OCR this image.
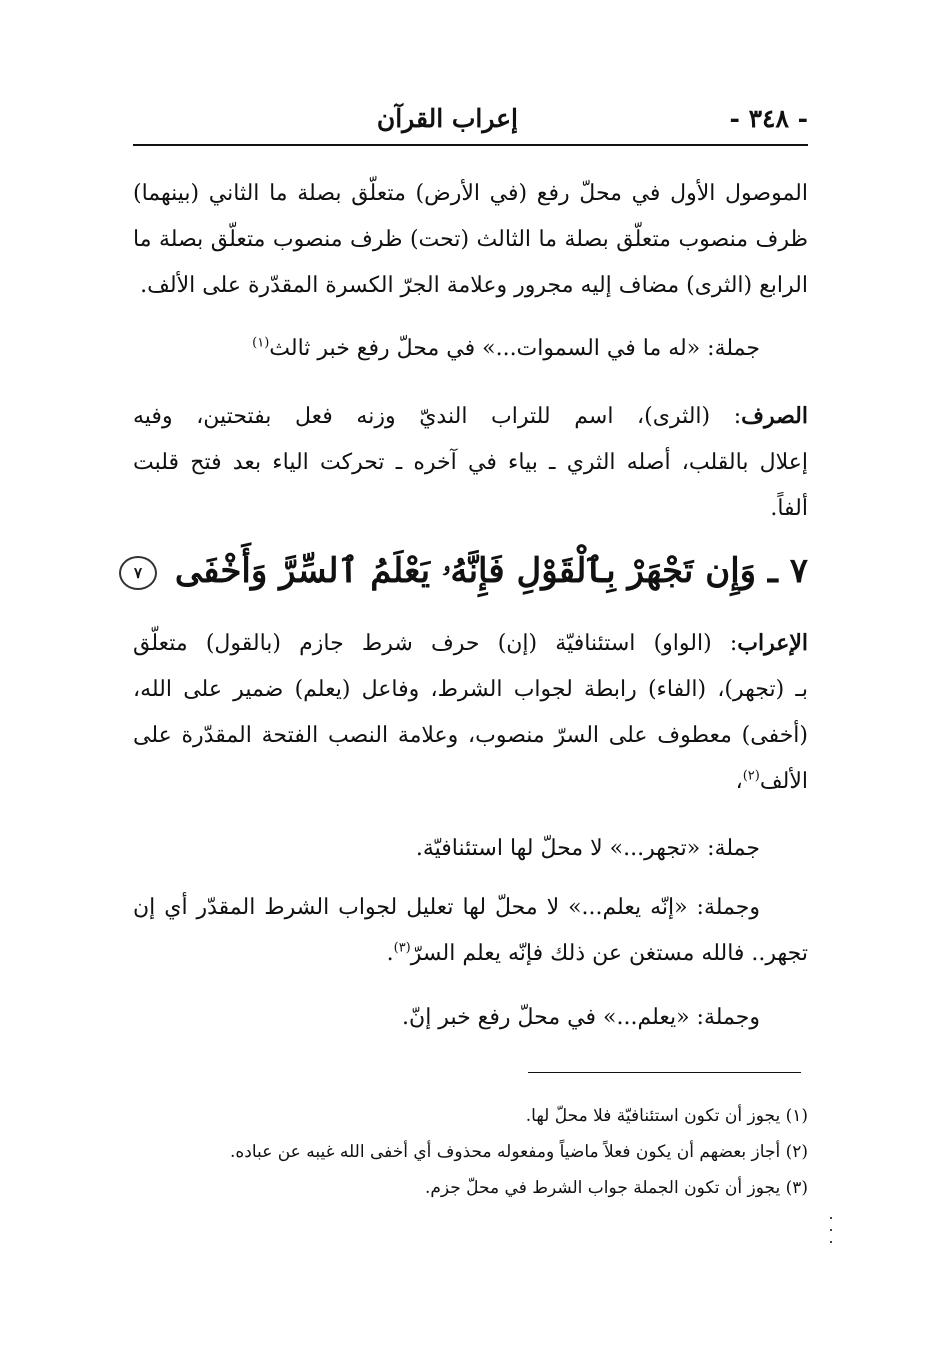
- ٣٤٨ -
إعراب القرآن
الموصول الأول في محلّ رفع (في الأرض) متعلّق بصلة ما الثاني (بينهما)
ظرف منصوب متعلّق بصلة ما الثالث (تحت) ظرف منصوب متعلّق بصلة ما
الرابع (الثرى) مضاف إليه مجرور وعلامة الجرّ الكسرة المقدّرة على الألف.
جملة: «له ما في السموات...» في محلّ رفع خبر ثالث$^{(١)}$
الصرف: (الثرى)، اسم للتراب النديّ وزنه فعل بفتحتين، وفيه
إعلال بالقلب، أصله الثري ـ بياء في آخره ـ تحركت الياء بعد فتح قلبت
ألفاً.
٧ ـ وَإِن تَجْهَرْ بِٱلْقَوْلِ فَإِنَّهُۥ يَعْلَمُ ٱلسِّرَّ وَأَخْفَى ٧
الإعراب: (الواو) استئنافيّة (إن) حرف شرط جازم (بالقول) متعلّق
بـ (تجهر)، (الفاء) رابطة لجواب الشرط، وفاعل (يعلم) ضمير على الله،
(أخفى) معطوف على السرّ منصوب، وعلامة النصب الفتحة المقدّرة على
الألف$^{(٢)}$،
جملة: «تجهر...» لا محلّ لها استئنافيّة.
وجملة: «إنّه يعلم...» لا محلّ لها تعليل لجواب الشرط المقدّر أي إن
تجهر.. فالله مستغن عن ذلك فإنّه يعلم السرّ$^{(٣)}$.
وجملة: «يعلم...» في محلّ رفع خبر إنّ.
(١) يجوز أن تكون استئنافيّة فلا محلّ لها.
(٢) أجاز بعضهم أن يكون فعلاً ماضياً ومفعوله محذوف أي أخفى الله غيبه عن عباده.
(٣) يجوز أن تكون الجملة جواب الشرط في محلّ جزم.
